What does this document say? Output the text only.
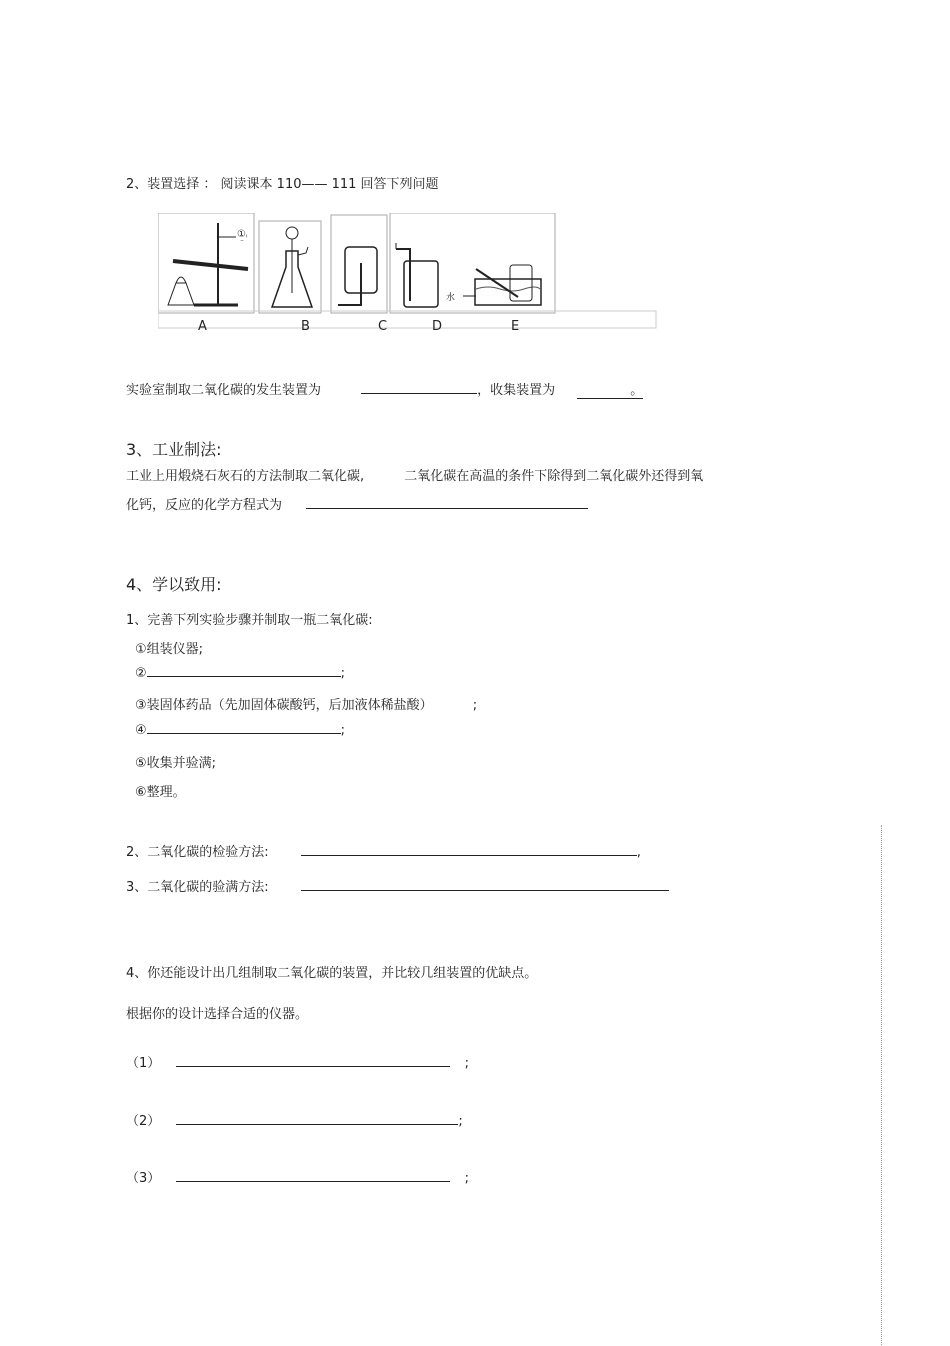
2、装置选择 ： 阅读课本 110—— 111 回答下列问题
水
①
A	B	C	D	E
实验室制取二氧化碳的发生装置为	，收集装置为	。
3、工业制法:
工业上用煅烧石灰石的方法制取二氧化碳,	二氧化碳在高温的条件下除得到二氧化碳外还得到氧
化钙，反应的化学方程式为
4、学以致用:
1、完善下列实验步骤并制取一瓶二氧化碳:
①组装仪器;
②	;
③装固体药品（先加固体碳酸钙，后加液体稀盐酸）	;
④	;
⑤收集并验满;
⑥整理。
2、二氧化碳的检验方法:	,
3、二氧化碳的验满方法:
4、你还能设计出几组制取二氧化碳的装置，并比较几组装置的优缺点。
根据你的设计选择合适的仪器。
（1）	;
（2）	;
（3）	;
